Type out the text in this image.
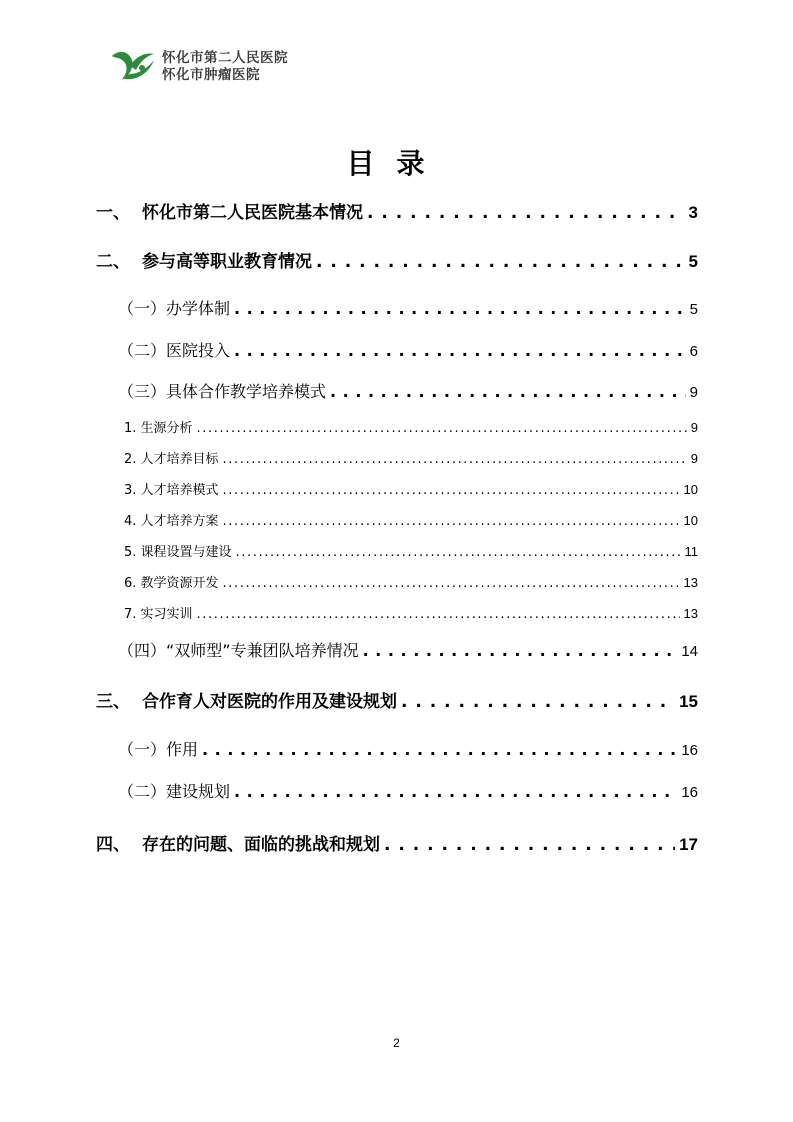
怀化市第二人民医院
怀化市肿瘤医院
目录
一、 怀化市第二人民医院基本情况 . . .	3
二、 参与高等职业教育情况 . . .	5
（一）办学体制 . . .	5
（二）医院投入 . . .	6
（三）具体合作教学培养模式 . . .	9
1. 生源分析 .....	9
2. 人才培养目标 .....	9
3. 人才培养模式 .....	10
4. 人才培养方案 .....	10
5. 课程设置与建设 .....	11
6. 教学资源开发 .....	13
7. 实习实训 .....	13
（四）“双师型”专兼团队培养情况 . . .	14
三、 合作育人对医院的作用及建设规划 . . .	15
（一）作用 . . .	16
（二）建设规划 . . .	16
四、 存在的问题、面临的挑战和规划 . . .	17
2
